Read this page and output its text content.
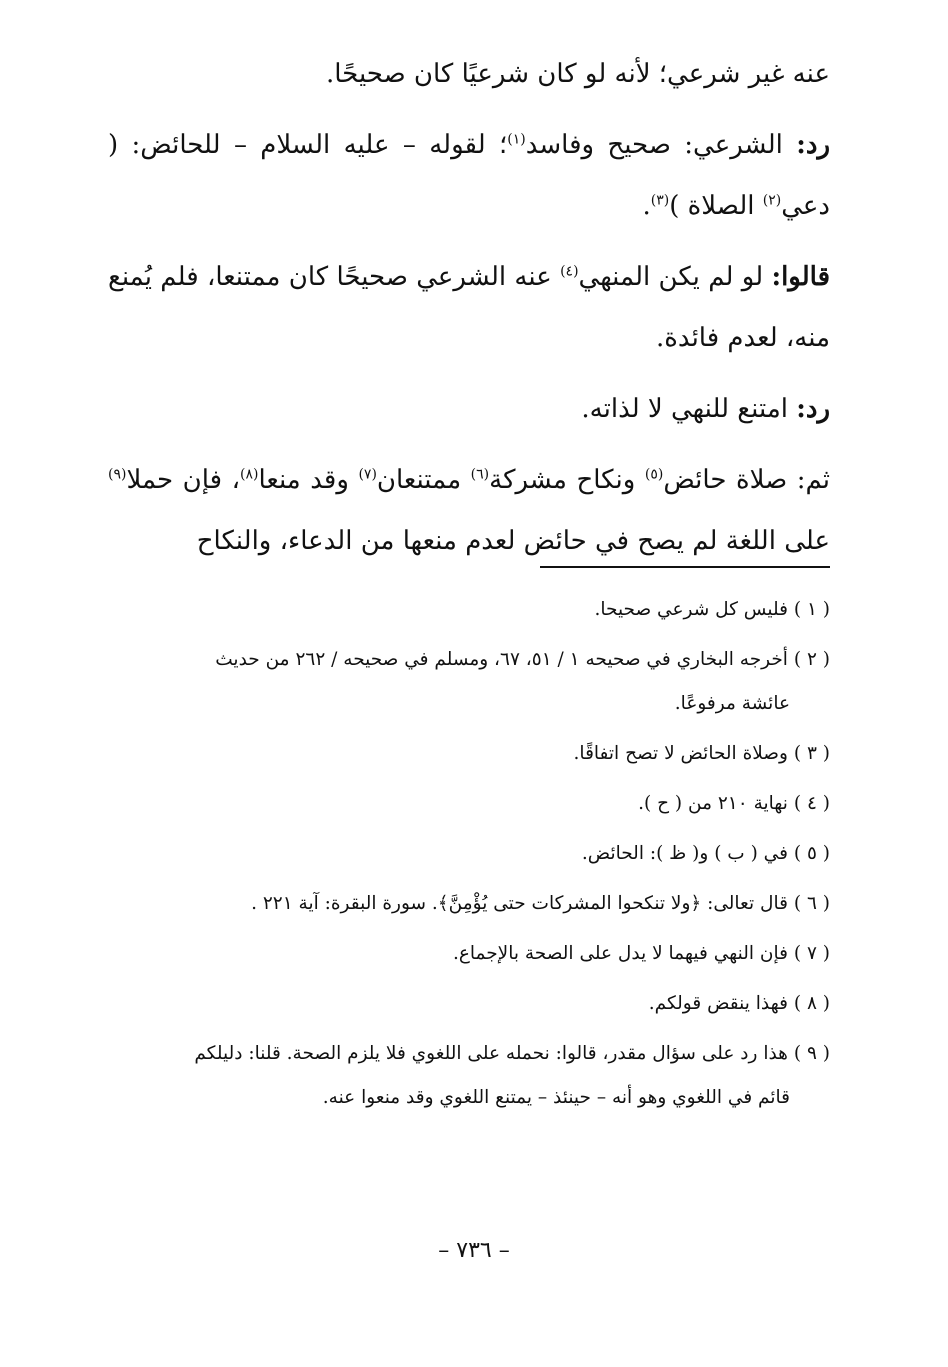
عنه غير شرعي؛ لأنه لو كان شرعيًا كان صحيحًا.

رد: الشرعي: صحيح وفاسد$^{(١)}$؛ لقوله – عليه السلام – للحائض: ( دعي$^{(٢)}$ الصلاة )$^{(٣)}$.

قالوا: لو لم يكن المنهي$^{(٤)}$ عنه الشرعي صحيحًا كان ممتنعا، فلم يُمنع منه، لعدم فائدة.

رد: امتنع للنهي لا لذاته.

ثم: صلاة حائض$^{(٥)}$ ونكاح مشركة$^{(٦)}$ ممتنعان$^{(٧)}$ وقد منعا$^{(٨)}$، فإن حملا$^{(٩)}$ على اللغة لم يصح في حائض لعدم منعها من الدعاء، والنكاح

( ١ ) فليس كل شرعي صحيحا.
( ٢ ) أخرجه البخاري في صحيحه ١ / ٥١، ٦٧، ومسلم في صحيحه / ٢٦٢ من حديث
عائشة مرفوعًا.
( ٣ ) وصلاة الحائض لا تصح اتفاقًا.
( ٤ ) نهاية ٢١٠ من ( ح ).
( ٥ ) في ( ب ) و( ظ ): الحائض.
( ٦ ) قال تعالى: ﴿ولا تنكحوا المشركات حتى يُؤْمِنَّ﴾. سورة البقرة: آية ٢٢١ .
( ٧ ) فإن النهي فيهما لا يدل على الصحة بالإجماع.
( ٨ ) فهذا ينقض قولكم.
( ٩ ) هذا رد على سؤال مقدر، قالوا: نحمله على اللغوي فلا يلزم الصحة. قلنا: دليلكم
قائم في اللغوي وهو أنه – حينئذ – يمتنع اللغوي وقد منعوا عنه.
– ٧٣٦ –
